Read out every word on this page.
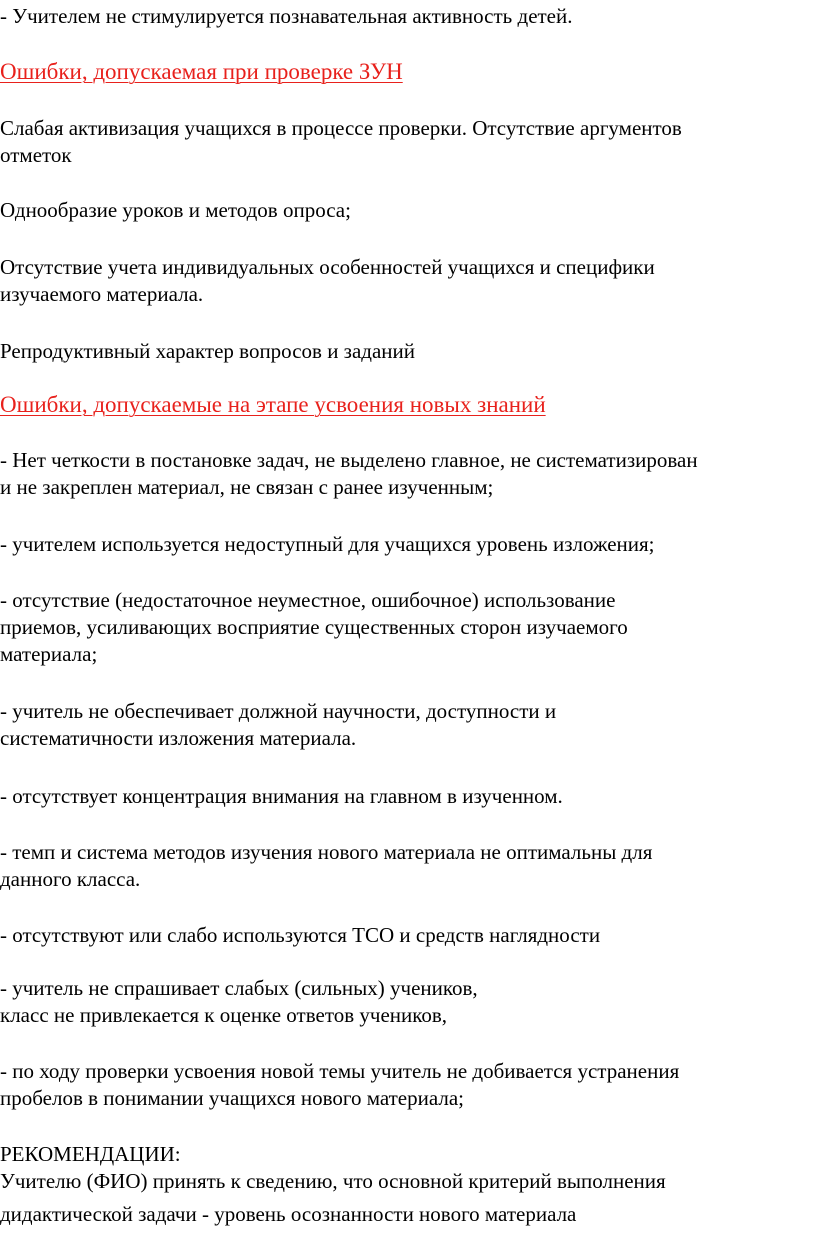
- Учителем не стимулируется познавательная активность детей.

Ошибки, допускаемая при проверке ЗУН

Слабая активизация учащихся в процессе проверки. Отсутствие аргументов
отметок

Однообразие уроков и методов опроса;

Отсутствие учета индивидуальных особенностей учащихся и специфики
изучаемого материала.

Репродуктивный характер вопросов и заданий

Ошибки, допускаемые на этапе усвоения новых знаний

- Нет четкости в постановке задач, не выделено главное, не систематизирован
и не закреплен материал, не связан с ранее изученным;

- учителем используется недоступный для учащихся уровень изложения;

- отсутствие (недостаточное неуместное, ошибочное) использование
приемов, усиливающих восприятие существенных сторон изучаемого
материала;

- учитель не обеспечивает должной научности, доступности и
систематичности изложения материала.

- отсутствует концентрация внимания на главном в изученном.

- темп и система методов изучения нового материала не оптимальны для
данного класса.

- отсутствуют или слабо используются ТСО и средств наглядности

- учитель не спрашивает слабых (сильных) учеников,
класс не привлекается к оценке ответов учеников,

- по ходу проверки усвоения новой темы учитель не добивается устранения
пробелов в понимании учащихся нового материала;

РЕКОМЕНДАЦИИ:
Учителю (ФИО) принять к сведению, что основной критерий выполнения
дидактической задачи - уровень осознанности нового материала
